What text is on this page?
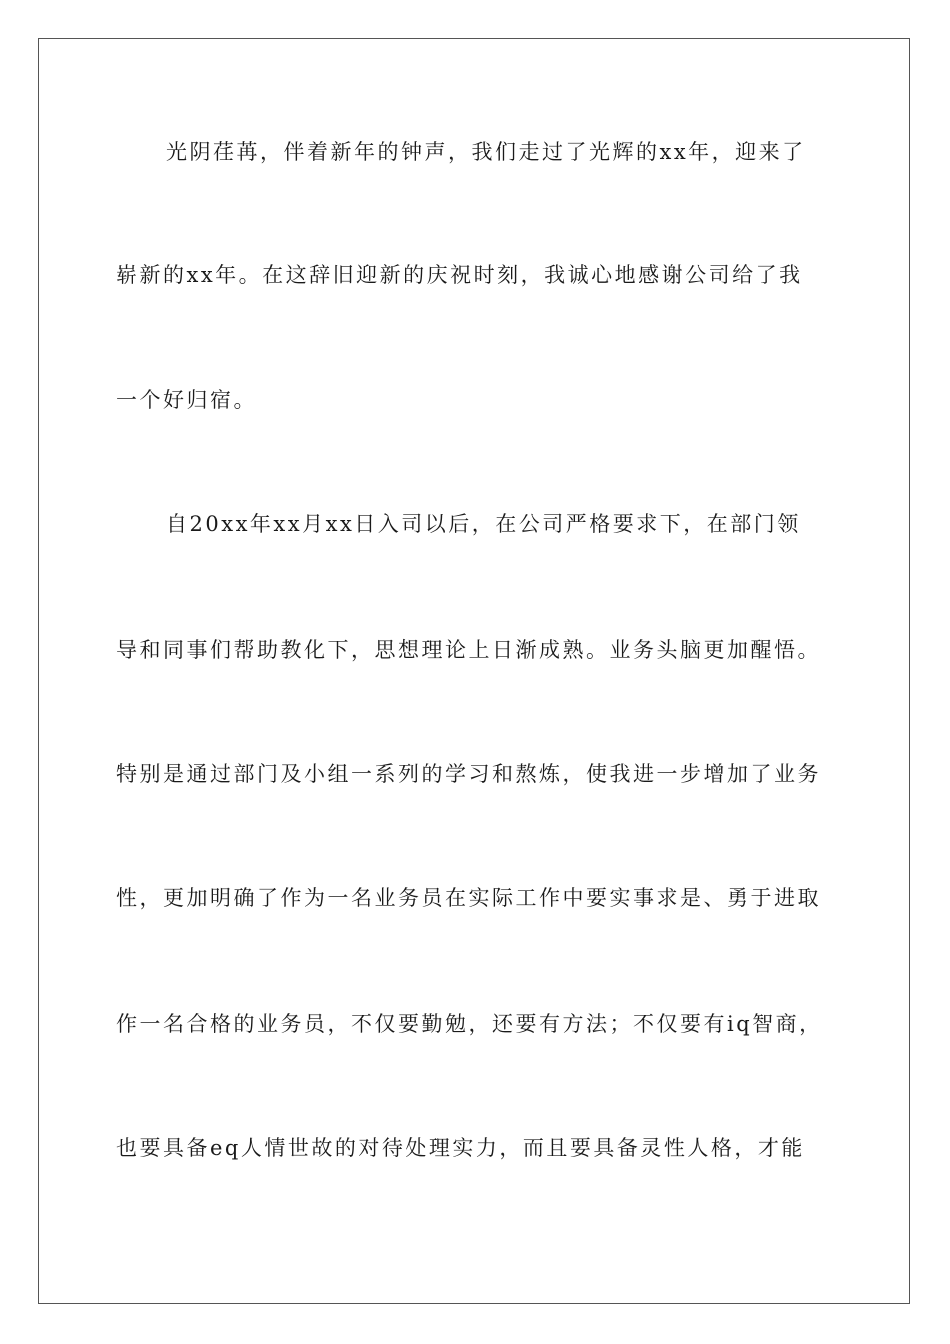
光阴荏苒，伴着新年的钟声，我们走过了光辉的xx年，迎来了
崭新的xx年。在这辞旧迎新的庆祝时刻，我诚心地感谢公司给了我
一个好归宿。
自20xx年xx月xx日入司以后，在公司严格要求下，在部门领
导和同事们帮助教化下，思想理论上日渐成熟。业务头脑更加醒悟。
特别是通过部门及小组一系列的学习和熬炼，使我进一步增加了业务
性，更加明确了作为一名业务员在实际工作中要实事求是、勇于进取
作一名合格的业务员，不仅要勤勉，还要有方法；不仅要有iq智商，
也要具备eq人情世故的对待处理实力，而且要具备灵性人格，才能
